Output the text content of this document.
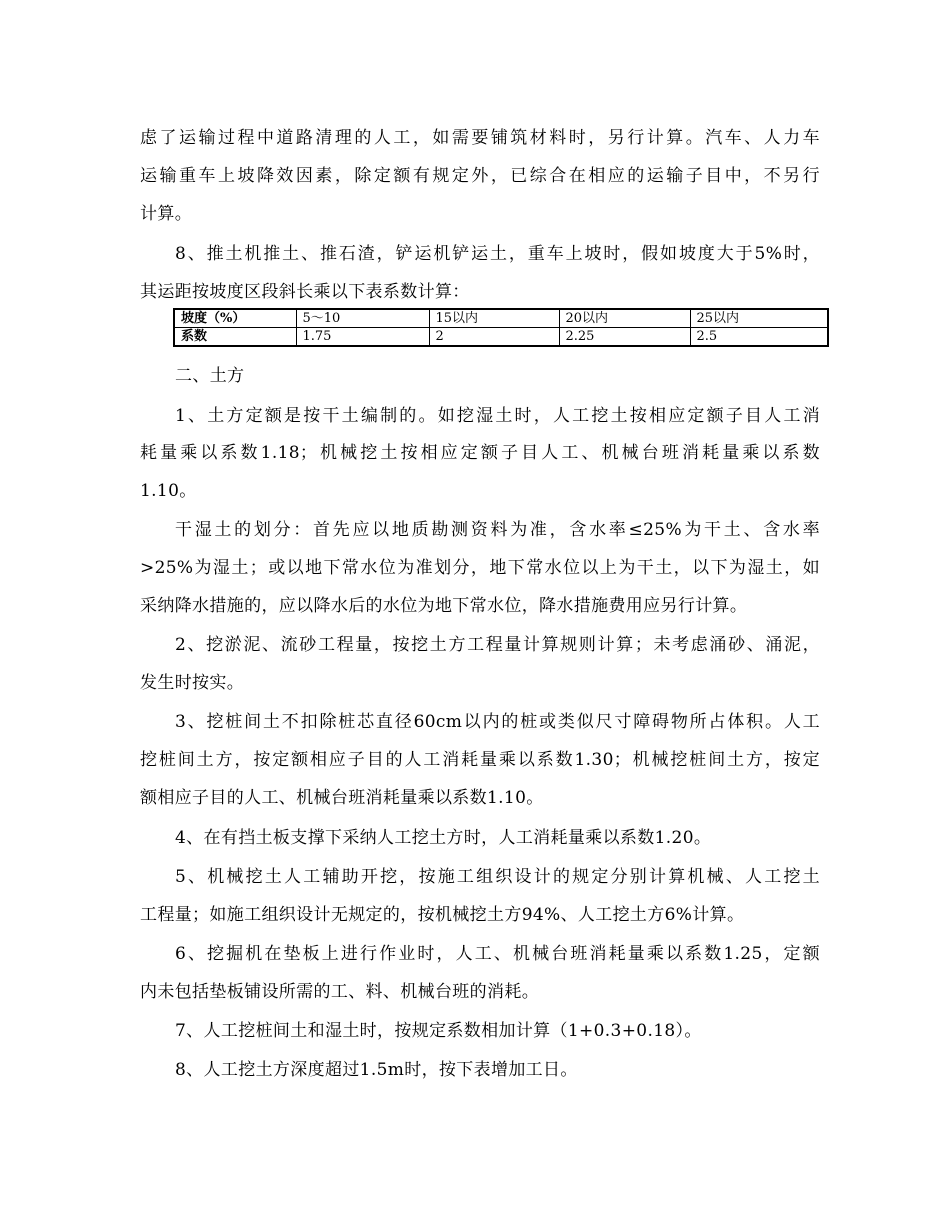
虑了运输过程中道路清理的人工，如需要铺筑材料时，另行计算。汽车、人力车
运输重车上坡降效因素，除定额有规定外，已综合在相应的运输子目中，不另行
计算。
8、推土机推土、推石渣，铲运机铲运土，重车上坡时，假如坡度大于5%时，
其运距按坡度区段斜长乘以下表系数计算：
坡度（%）	5～10	15以内	20以内	25以内
系数	1.75	2	2.25	2.5
二、土方
1、土方定额是按干土编制的。如挖湿土时，人工挖土按相应定额子目人工消
耗量乘以系数1.18；机械挖土按相应定额子目人工、机械台班消耗量乘以系数
1.10。
干湿土的划分：首先应以地质勘测资料为准，含水率≤25%为干土、含水率
>25%为湿土；或以地下常水位为准划分，地下常水位以上为干土，以下为湿土，如
采纳降水措施的，应以降水后的水位为地下常水位，降水措施费用应另行计算。
2、挖淤泥、流砂工程量，按挖土方工程量计算规则计算；未考虑涌砂、涌泥，
发生时按实。
3、挖桩间土不扣除桩芯直径60cm以内的桩或类似尺寸障碍物所占体积。人工
挖桩间土方，按定额相应子目的人工消耗量乘以系数1.30；机械挖桩间土方，按定
额相应子目的人工、机械台班消耗量乘以系数1.10。
4、在有挡土板支撑下采纳人工挖土方时，人工消耗量乘以系数1.20。
5、机械挖土人工辅助开挖，按施工组织设计的规定分别计算机械、人工挖土
工程量；如施工组织设计无规定的，按机械挖土方94%、人工挖土方6%计算。
6、挖掘机在垫板上进行作业时，人工、机械台班消耗量乘以系数1.25，定额
内未包括垫板铺设所需的工、料、机械台班的消耗。
7、人工挖桩间土和湿土时，按规定系数相加计算（1+0.3+0.18）。
8、人工挖土方深度超过1.5m时，按下表增加工日。
